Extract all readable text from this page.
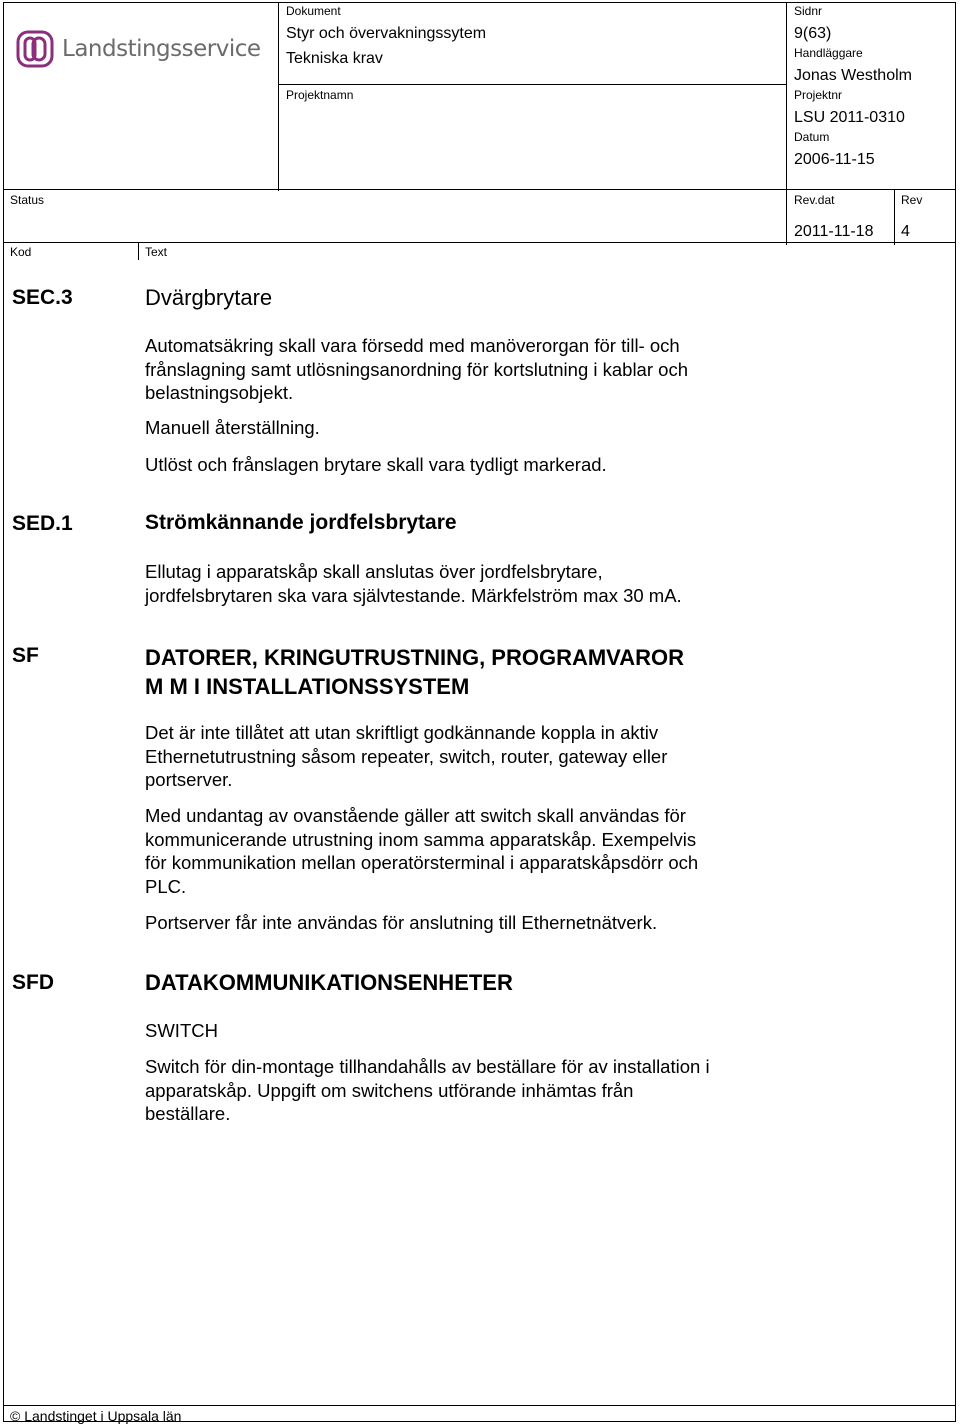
Landstingsservice
Dokument
Styr och övervakningssytem
Tekniska krav
Sidnr
9(63)
Handläggare
Jonas Westholm
Projektnamn	Projektnr
LSU 2011-0310
Datum
2006-11-15
Status	Rev.dat
2011-11-18
Rev
4
Kod	Text
SEC.3	Dvärgbrytare
Automatsäkring skall vara försedd med manöverorgan för till- och
frånslagning samt utlösningsanordning för kortslutning i kablar och
belastningsobjekt.
Manuell återställning.
Utlöst och frånslagen brytare skall vara tydligt markerad.
SED.1	Strömkännande jordfelsbrytare
Ellutag i apparatskåp skall anslutas över jordfelsbrytare,
jordfelsbrytaren ska vara självtestande. Märkfelström max 30 mA.
SF	DATORER, KRINGUTRUSTNING, PROGRAMVAROR
M M I INSTALLATIONSSYSTEM
Det är inte tillåtet att utan skriftligt godkännande koppla in aktiv
Ethernetutrustning såsom repeater, switch, router, gateway eller
portserver.
Med undantag av ovanstående gäller att switch skall användas för
kommunicerande utrustning inom samma apparatskåp. Exempelvis
för kommunikation mellan operatörsterminal i apparatskåpsdörr och
PLC.
Portserver får inte användas för anslutning till Ethernetnätverk.
SFD	DATAKOMMUNIKATIONSENHETER
SWITCH
Switch för din-montage tillhandahålls av beställare för av installation i
apparatskåp. Uppgift om switchens utförande inhämtas från
beställare.
© Landstinget i Uppsala län
